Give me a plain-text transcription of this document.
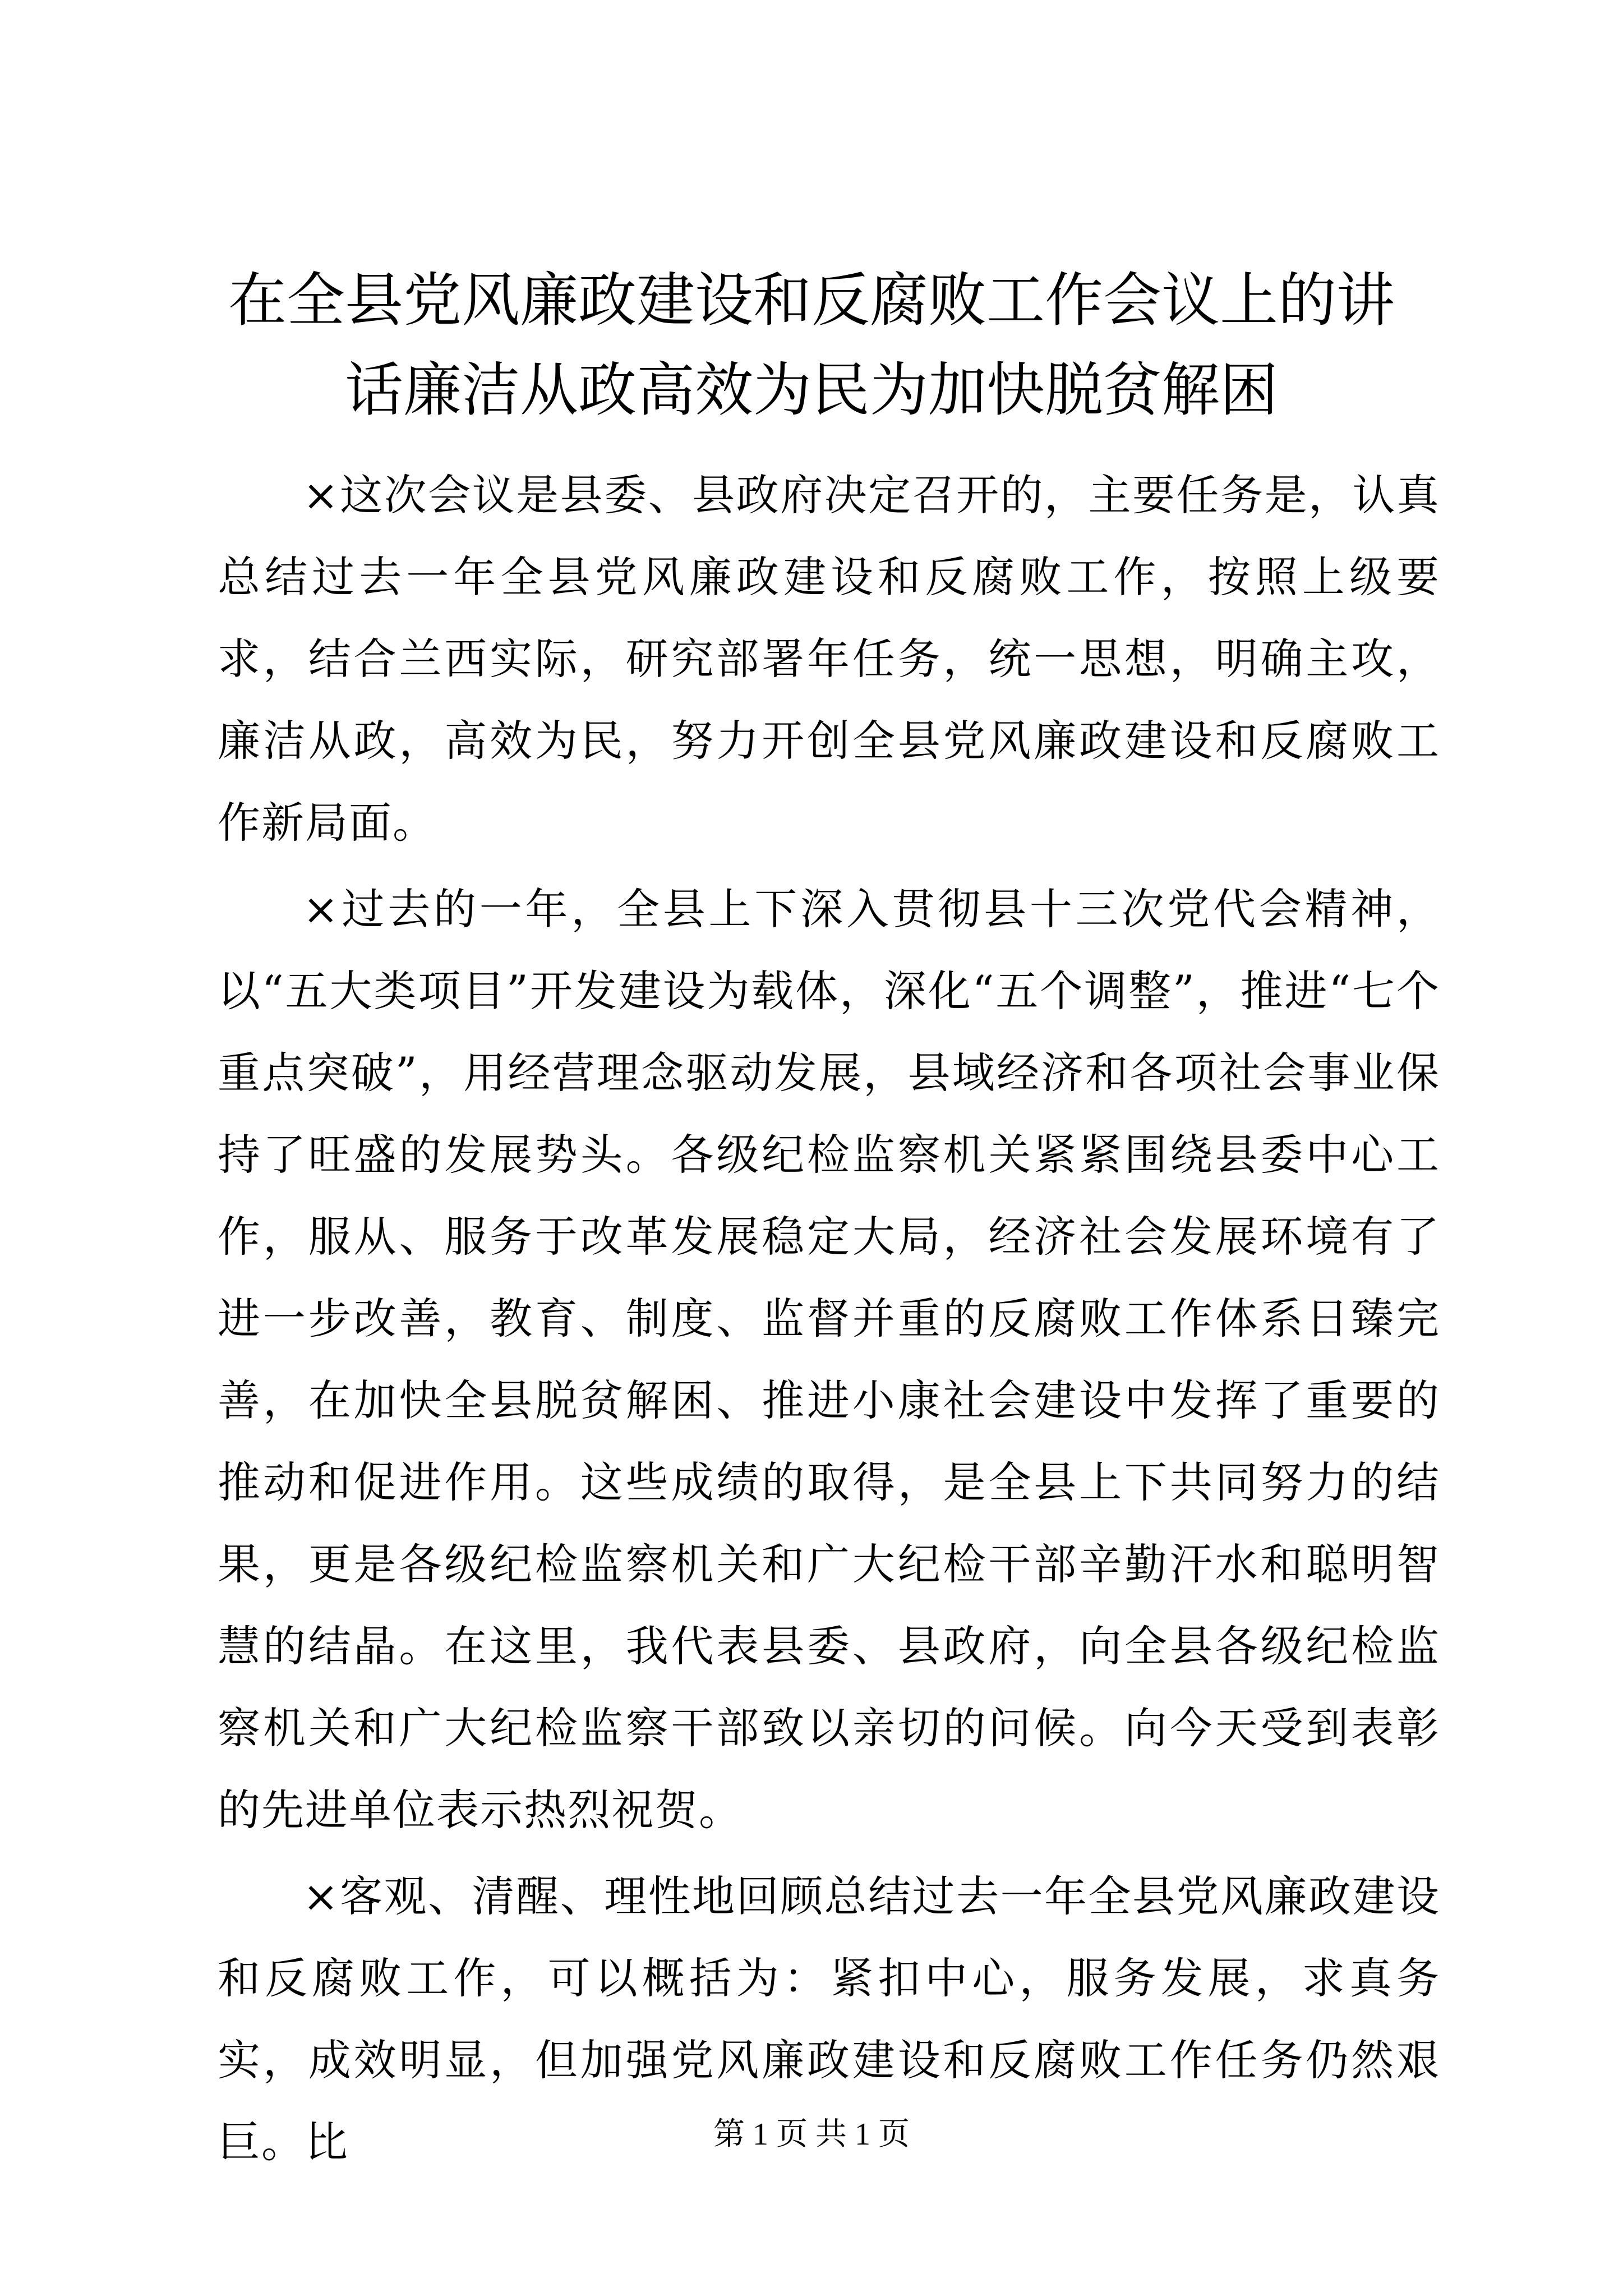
在全县党风廉政建设和反腐败工作会议上的讲
话廉洁从政高效为民为加快脱贫解困

×这次会议是县委、县政府决定召开的，主要任务是，认真总结过去一年全县党风廉政建设和反腐败工作，按照上级要求，结合兰西实际，研究部署年任务，统一思想，明确主攻，廉洁从政，高效为民，努力开创全县党风廉政建设和反腐败工作新局面。

×过去的一年，全县上下深入贯彻县十三次党代会精神，以“五大类项目”开发建设为载体，深化“五个调整”，推进“七个重点突破”，用经营理念驱动发展，县域经济和各项社会事业保持了旺盛的发展势头。各级纪检监察机关紧紧围绕县委中心工作，服从、服务于改革发展稳定大局，经济社会发展环境有了进一步改善，教育、制度、监督并重的反腐败工作体系日臻完善，在加快全县脱贫解困、推进小康社会建设中发挥了重要的推动和促进作用。这些成绩的取得，是全县上下共同努力的结果，更是各级纪检监察机关和广大纪检干部辛勤汗水和聪明智慧的结晶。在这里，我代表县委、县政府，向全县各级纪检监察机关和广大纪检监察干部致以亲切的问候。向今天受到表彰的先进单位表示热烈祝贺。

×客观、清醒、理性地回顾总结过去一年全县党风廉政建设和反腐败工作，可以概括为：紧扣中心，服务发展，求真务实，成效明显，但加强党风廉政建设和反腐败工作任务仍然艰巨。比	第 1 页 共 1 页
